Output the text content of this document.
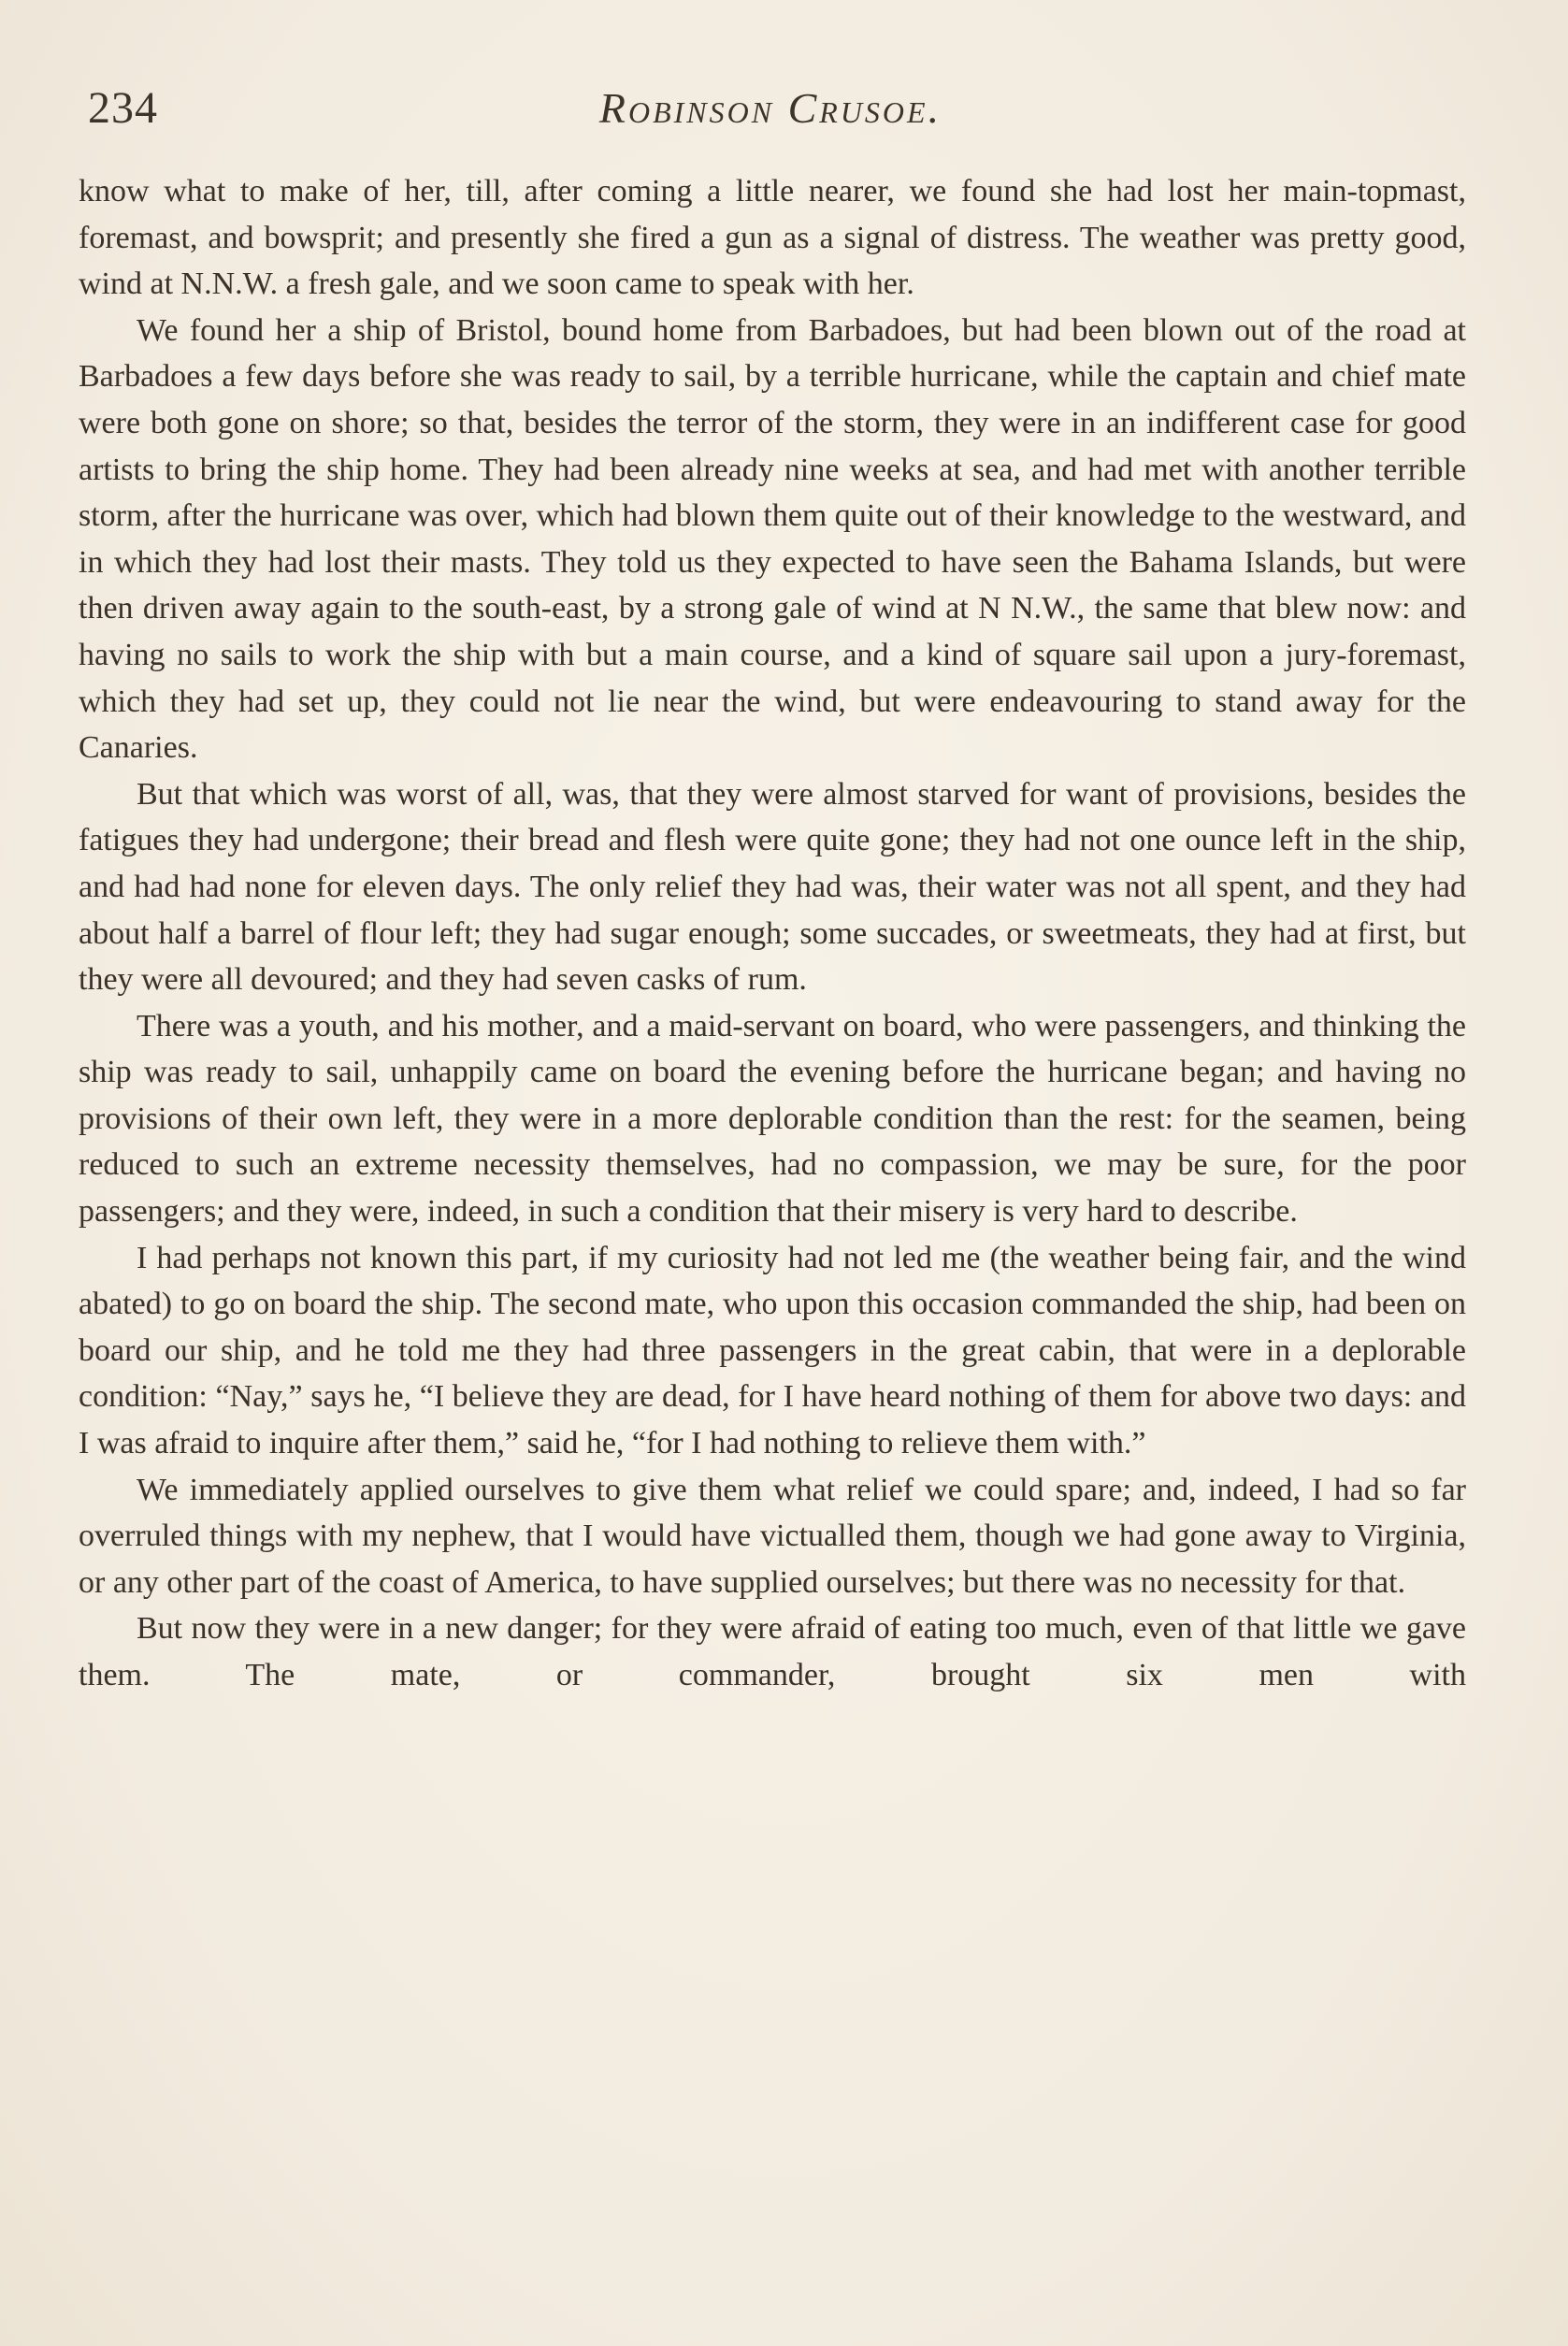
234	Robinson Crusoe.

know what to make of her, till, after coming a little nearer, we found she had lost her main-topmast, foremast, and bowsprit; and presently she fired a gun as a signal of distress. The weather was pretty good, wind at N.N.W. a fresh gale, and we soon came to speak with her.

We found her a ship of Bristol, bound home from Barbadoes, but had been blown out of the road at Barbadoes a few days before she was ready to sail, by a terrible hurricane, while the captain and chief mate were both gone on shore; so that, besides the terror of the storm, they were in an indifferent case for good artists to bring the ship home. They had been already nine weeks at sea, and had met with another terrible storm, after the hurricane was over, which had blown them quite out of their knowledge to the westward, and in which they had lost their masts. They told us they expected to have seen the Bahama Islands, but were then driven away again to the south-east, by a strong gale of wind at N N.W., the same that blew now: and having no sails to work the ship with but a main course, and a kind of square sail upon a jury-foremast, which they had set up, they could not lie near the wind, but were endeavouring to stand away for the Canaries.

But that which was worst of all, was, that they were almost starved for want of provisions, besides the fatigues they had undergone; their bread and flesh were quite gone; they had not one ounce left in the ship, and had had none for eleven days. The only relief they had was, their water was not all spent, and they had about half a barrel of flour left; they had sugar enough; some succades, or sweetmeats, they had at first, but they were all devoured; and they had seven casks of rum.

There was a youth, and his mother, and a maid-servant on board, who were passengers, and thinking the ship was ready to sail, unhappily came on board the evening before the hurricane began; and having no provisions of their own left, they were in a more deplorable condition than the rest: for the seamen, being reduced to such an extreme necessity themselves, had no compassion, we may be sure, for the poor passengers; and they were, indeed, in such a condition that their misery is very hard to describe.

I had perhaps not known this part, if my curiosity had not led me (the weather being fair, and the wind abated) to go on board the ship. The second mate, who upon this occasion commanded the ship, had been on board our ship, and he told me they had three passengers in the great cabin, that were in a deplorable condition: “Nay,” says he, “I believe they are dead, for I have heard nothing of them for above two days: and I was afraid to inquire after them,” said he, “for I had nothing to relieve them with.”

We immediately applied ourselves to give them what relief we could spare; and, indeed, I had so far overruled things with my nephew, that I would have victualled them, though we had gone away to Virginia, or any other part of the coast of America, to have supplied ourselves; but there was no necessity for that.

But now they were in a new danger; for they were afraid of eating too much, even of that little we gave them. The mate, or commander, brought six men with
